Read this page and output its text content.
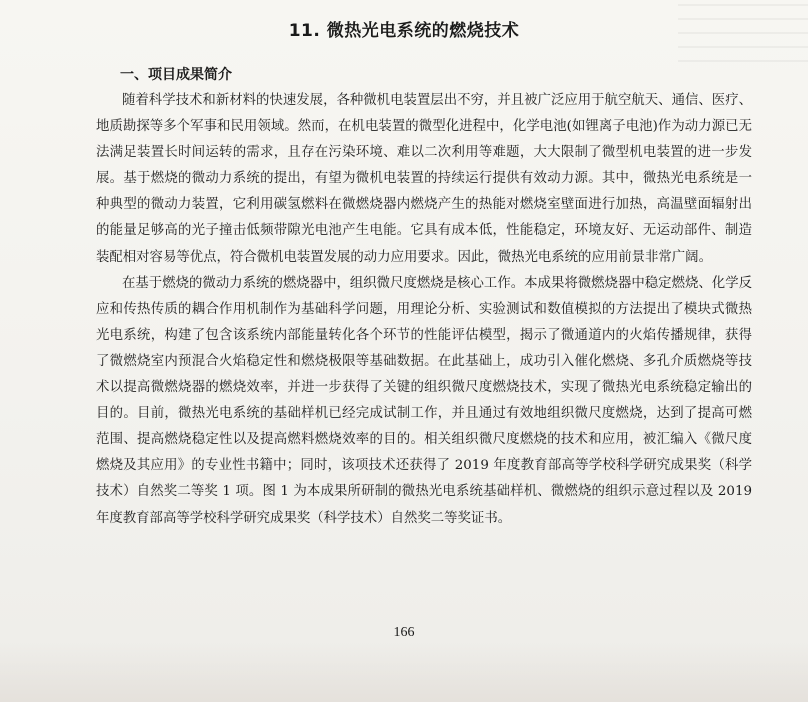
11. 微热光电系统的燃烧技术
一、项目成果简介

随着科学技术和新材料的快速发展，各种微机电装置层出不穷，并且被广泛应用于航空航天、通信、医疗、地质勘探等多个军事和民用领域。然而，在机电装置的微型化进程中，化学电池(如锂离子电池)作为动力源已无法满足装置长时间运转的需求，且存在污染环境、难以二次利用等难题，大大限制了微型机电装置的进一步发展。基于燃烧的微动力系统的提出，有望为微机电装置的持续运行提供有效动力源。其中，微热光电系统是一种典型的微动力装置，它利用碳氢燃料在微燃烧器内燃烧产生的热能对燃烧室壁面进行加热，高温壁面辐射出的能量足够高的光子撞击低频带隙光电池产生电能。它具有成本低，性能稳定，环境友好、无运动部件、制造装配相对容易等优点，符合微机电装置发展的动力应用要求。因此，微热光电系统的应用前景非常广阔。

在基于燃烧的微动力系统的燃烧器中，组织微尺度燃烧是核心工作。本成果将微燃烧器中稳定燃烧、化学反应和传热传质的耦合作用机制作为基础科学问题，用理论分析、实验测试和数值模拟的方法提出了模块式微热光电系统，构建了包含该系统内部能量转化各个环节的性能评估模型，揭示了微通道内的火焰传播规律，获得了微燃烧室内预混合火焰稳定性和燃烧极限等基础数据。在此基础上，成功引入催化燃烧、多孔介质燃烧等技术以提高微燃烧器的燃烧效率，并进一步获得了关键的组织微尺度燃烧技术，实现了微热光电系统稳定输出的目的。目前，微热光电系统的基础样机已经完成试制工作，并且通过有效地组织微尺度燃烧，达到了提高可燃范围、提高燃烧稳定性以及提高燃料燃烧效率的目的。相关组织微尺度燃烧的技术和应用，被汇编入《微尺度燃烧及其应用》的专业性书籍中；同时，该项技术还获得了 2019 年度教育部高等学校科学研究成果奖（科学技术）自然奖二等奖 1 项。图 1 为本成果所研制的微热光电系统基础样机、微燃烧的组织示意过程以及 2019 年度教育部高等学校科学研究成果奖（科学技术）自然奖二等奖证书。

166
